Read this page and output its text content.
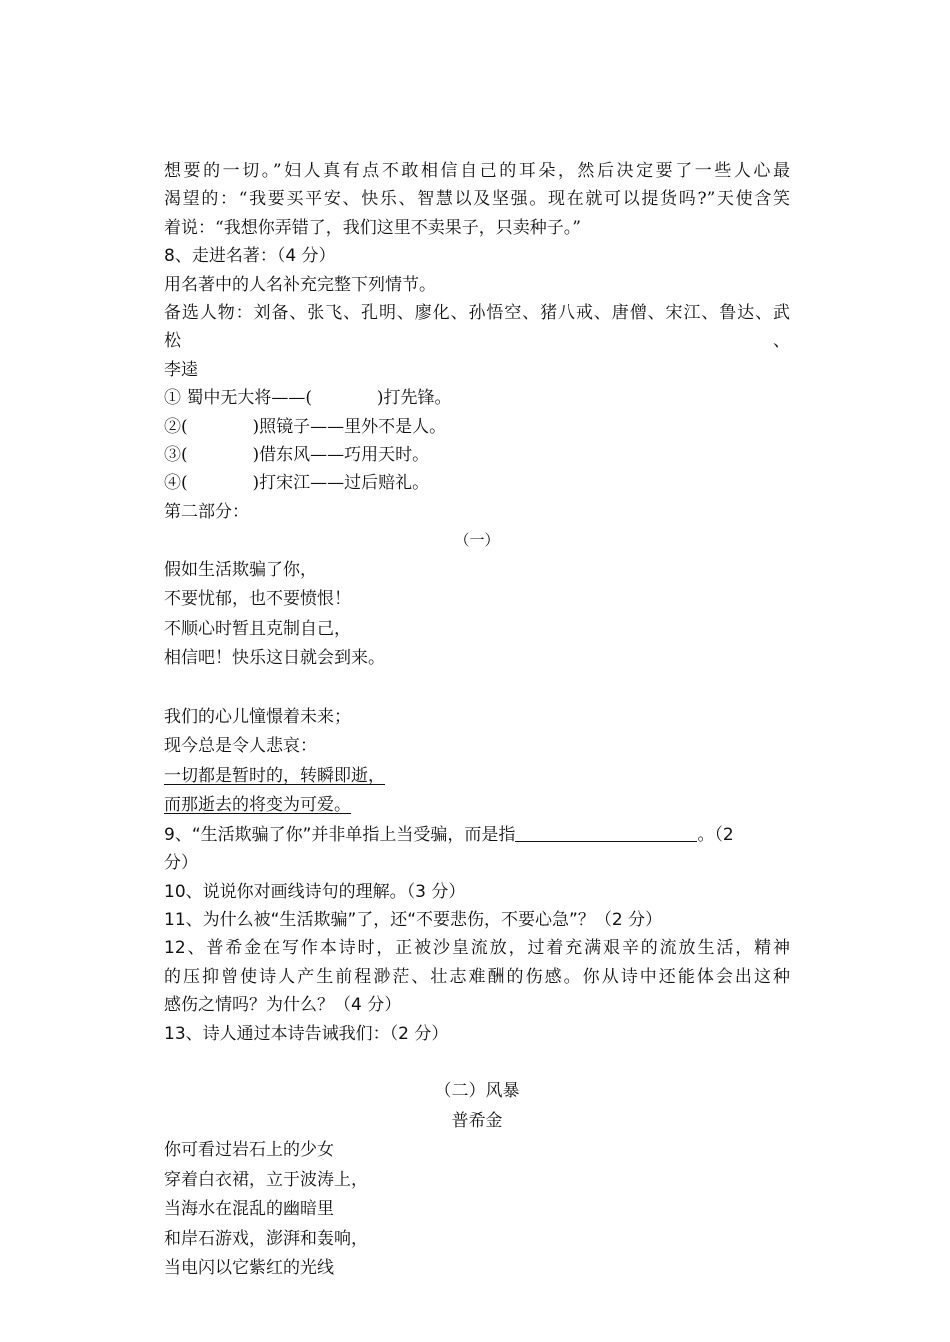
想要的一切。”妇人真有点不敢相信自己的耳朵，然后决定要了一些人心最
渴望的：“我要买平安、快乐、智慧以及坚强。现在就可以提货吗?”天使含笑
着说：“我想你弄错了，我们这里不卖果子，只卖种子。”
8、走进名著：（4 分）
用名著中的人名补充完整下列情节。
备选人物：刘备、张飞、孔明、廖化、孙悟空、猪八戒、唐僧、宋江、鲁达、武松、
李逵
① 蜀中无大将——(            )打先锋。
②(            )照镜子——里外不是人。
③(            )借东风——巧用天时。
④(            )打宋江——过后赔礼。
第二部分：
（一）
假如生活欺骗了你，
不要忧郁，也不要愤恨！
不顺心时暂且克制自己，
相信吧！快乐这日就会到来。
我们的心儿憧憬着未来；
现今总是令人悲哀：
一切都是暂时的，转瞬即逝，
而那逝去的将变为可爱。
9、“生活欺骗了你”并非单指上当受骗，而是指	。（2
分）
10、说说你对画线诗句的理解。（3 分）
11、为什么被“生活欺骗”了，还“不要悲伤，不要心急”？（2 分）
12、普希金在写作本诗时，正被沙皇流放，过着充满艰辛的流放生活，精神
的压抑曾使诗人产生前程渺茫、壮志难酬的伤感。你从诗中还能体会出这种
感伤之情吗？为什么？（4 分）
13、诗人通过本诗告诫我们：（2 分）
（二）风暴
普希金
你可看过岩石上的少女
穿着白衣裙，立于波涛上，
当海水在混乱的幽暗里
和岸石游戏，澎湃和轰响，
当电闪以它紫红的光线
